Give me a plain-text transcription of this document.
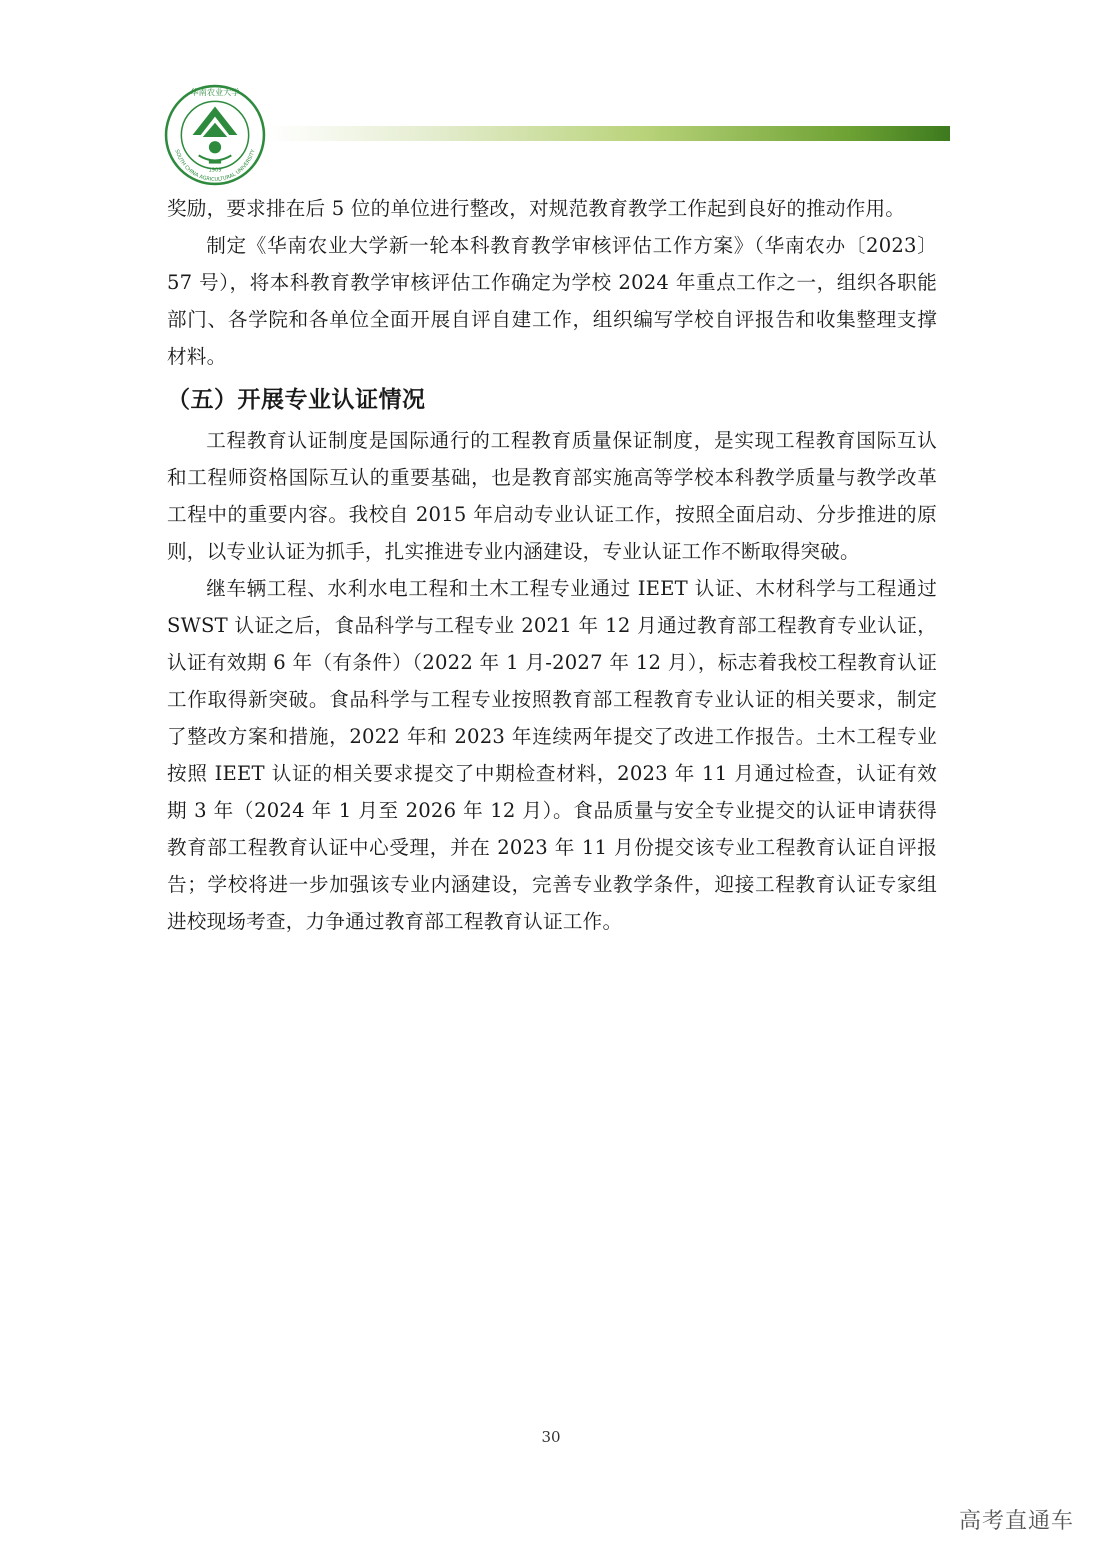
华南农业大学
SOUTH CHINA AGRICULTURAL UNIVERSITY
1909

奖励，要求排在后 5 位的单位进行整改，对规范教育教学工作起到良好的推动作用。

制定《华南农业大学新一轮本科教育教学审核评估工作方案》（华南农办〔2023〕57 号），将本科教育教学审核评估工作确定为学校 2024 年重点工作之一，组织各职能部门、各学院和各单位全面开展自评自建工作，组织编写学校自评报告和收集整理支撑材料。

（五）开展专业认证情况

工程教育认证制度是国际通行的工程教育质量保证制度，是实现工程教育国际互认和工程师资格国际互认的重要基础，也是教育部实施高等学校本科教学质量与教学改革工程中的重要内容。我校自 2015 年启动专业认证工作，按照全面启动、分步推进的原则，以专业认证为抓手，扎实推进专业内涵建设，专业认证工作不断取得突破。

继车辆工程、水利水电工程和土木工程专业通过 IEET 认证、木材科学与工程通过 SWST 认证之后，食品科学与工程专业 2021 年 12 月通过教育部工程教育专业认证，认证有效期 6 年（有条件）（2022 年 1 月-2027 年 12 月），标志着我校工程教育认证工作取得新突破。食品科学与工程专业按照教育部工程教育专业认证的相关要求，制定了整改方案和措施，2022 年和 2023 年连续两年提交了改进工作报告。土木工程专业按照 IEET 认证的相关要求提交了中期检查材料，2023 年 11 月通过检查，认证有效期 3 年（2024 年 1 月至 2026 年 12 月）。食品质量与安全专业提交的认证申请获得教育部工程教育认证中心受理，并在 2023 年 11 月份提交该专业工程教育认证自评报告；学校将进一步加强该专业内涵建设，完善专业教学条件，迎接工程教育认证专家组进校现场考查，力争通过教育部工程教育认证工作。

30
高考直通车
